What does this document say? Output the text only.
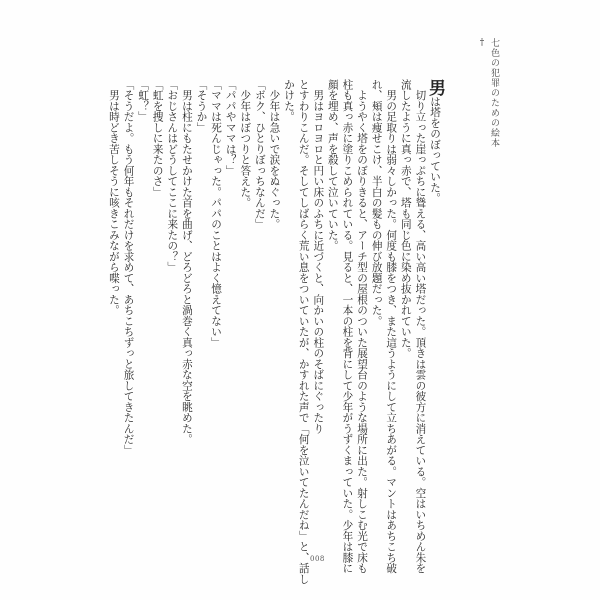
七色の犯罪のための絵本　†
男は塔をのぼっていた。
　切り立った崖っぷちに聳える、高い高い塔だった。頂きは雲の彼方に消えている。空はいちめん朱を
流したように真っ赤で、塔も同じ色に染め抜かれていた。
　男の足取りは弱々しかった。何度も膝をつき、また這うようにして立ちあがる。マントはあちこち破
れ、頬は痩せこけ、半白の髪もの伸び放題だった。
　ようやく塔をのぼりきると、アーチ型の屋根のついた展望台のような場所に出た。射しこむ光で床も
柱も真っ赤に塗りこめられている。見ると、一本の柱を背にして少年がうずくまっていた。少年は膝に
顔を埋め、声を殺して泣いていた。
　男はヨロヨロと円い床のふちに近づくと、向かいの柱のそばにぐったり
とすわりこんだ。そしてしばらく荒い息をついていたが、かすれた声で「何を泣いてたんだね」と、話し
かけた。
　少年は急いで涙をぬぐった。
「ボク、ひとりぼっちなんだ」
　少年はぼつりと答えた。
「パパやママは？」
「ママは死んじゃった。パパのことはよく憶えてない」
「そうか」
　男は柱にもたせかけた首を曲げ、どろどろと渦巻く真っ赤な空を眺めた。
「おじさんはどうしてここに来たの？」
「虹を捜しに来たのさ」
「虹？」
「そうだよ。もう何年もそれだけを求めて、あちこちずっと旅してきたんだ」
　男は時どき苦しそうに咳きこみながら喋った。
008
